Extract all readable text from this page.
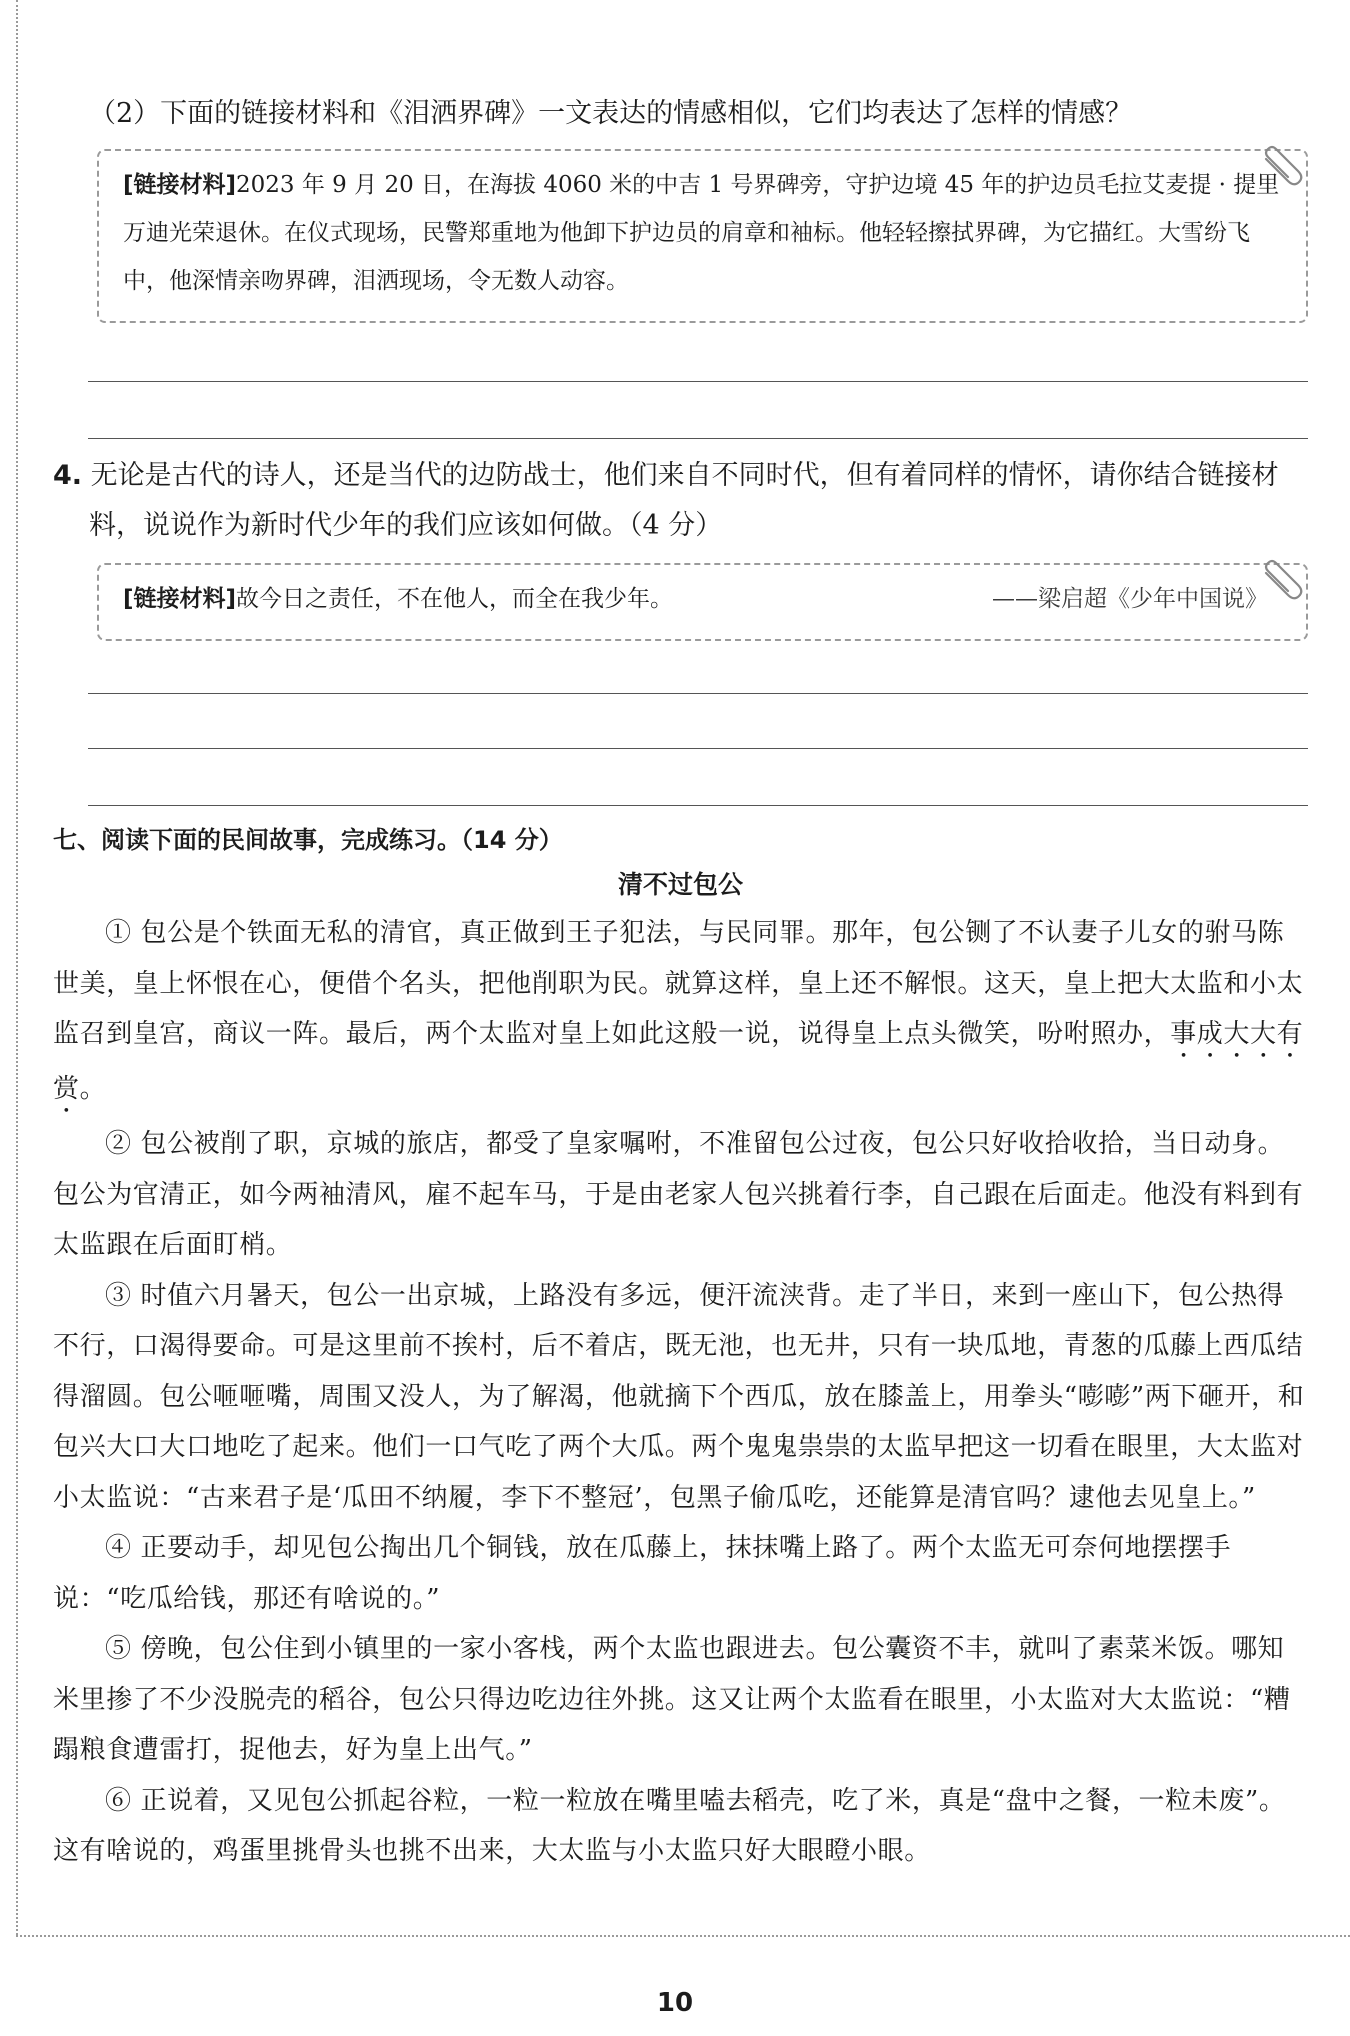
（2）下面的链接材料和《泪洒界碑》一文表达的情感相似，它们均表达了怎样的情感？

[链接材料]2023 年 9 月 20 日，在海拔 4060 米的中吉 1 号界碑旁，守护边境 45 年的护边员毛拉艾麦提 · 提里万迪光荣退休。在仪式现场，民警郑重地为他卸下护边员的肩章和袖标。他轻轻擦拭界碑，为它描红。大雪纷飞中，他深情亲吻界碑，泪洒现场，令无数人动容。

4. 无论是古代的诗人，还是当代的边防战士，他们来自不同时代，但有着同样的情怀，请你结合链接材料，说说作为新时代少年的我们应该如何做。（4 分）

[链接材料]故今日之责任，不在他人，而全在我少年。	——梁启超《少年中国说》

七、阅读下面的民间故事，完成练习。（14 分）

清不过包公

① 包公是个铁面无私的清官，真正做到王子犯法，与民同罪。那年，包公铡了不认妻子儿女的驸马陈世美，皇上怀恨在心，便借个名头，把他削职为民。就算这样，皇上还不解恨。这天，皇上把大太监和小太监召到皇宫，商议一阵。最后，两个太监对皇上如此这般一说，说得皇上点头微笑，吩咐照办，事成大大有赏。

② 包公被削了职，京城的旅店，都受了皇家嘱咐，不准留包公过夜，包公只好收拾收拾，当日动身。包公为官清正，如今两袖清风，雇不起车马，于是由老家人包兴挑着行李，自己跟在后面走。他没有料到有太监跟在后面盯梢。

③ 时值六月暑天，包公一出京城，上路没有多远，便汗流浃背。走了半日，来到一座山下，包公热得不行，口渴得要命。可是这里前不挨村，后不着店，既无池，也无井，只有一块瓜地，青葱的瓜藤上西瓜结得溜圆。包公咂咂嘴，周围又没人，为了解渴，他就摘下个西瓜，放在膝盖上，用拳头“嘭嘭”两下砸开，和包兴大口大口地吃了起来。他们一口气吃了两个大瓜。两个鬼鬼祟祟的太监早把这一切看在眼里，大太监对小太监说：“古来君子是‘瓜田不纳履，李下不整冠’，包黑子偷瓜吃，还能算是清官吗？逮他去见皇上。”

④ 正要动手，却见包公掏出几个铜钱，放在瓜藤上，抹抹嘴上路了。两个太监无可奈何地摆摆手说：“吃瓜给钱，那还有啥说的。”

⑤ 傍晚，包公住到小镇里的一家小客栈，两个太监也跟进去。包公囊资不丰，就叫了素菜米饭。哪知米里掺了不少没脱壳的稻谷，包公只得边吃边往外挑。这又让两个太监看在眼里，小太监对大太监说：“糟蹋粮食遭雷打，捉他去，好为皇上出气。”

⑥ 正说着，又见包公抓起谷粒，一粒一粒放在嘴里嗑去稻壳，吃了米，真是“盘中之餐，一粒未废”。这有啥说的，鸡蛋里挑骨头也挑不出来，大太监与小太监只好大眼瞪小眼。

10
